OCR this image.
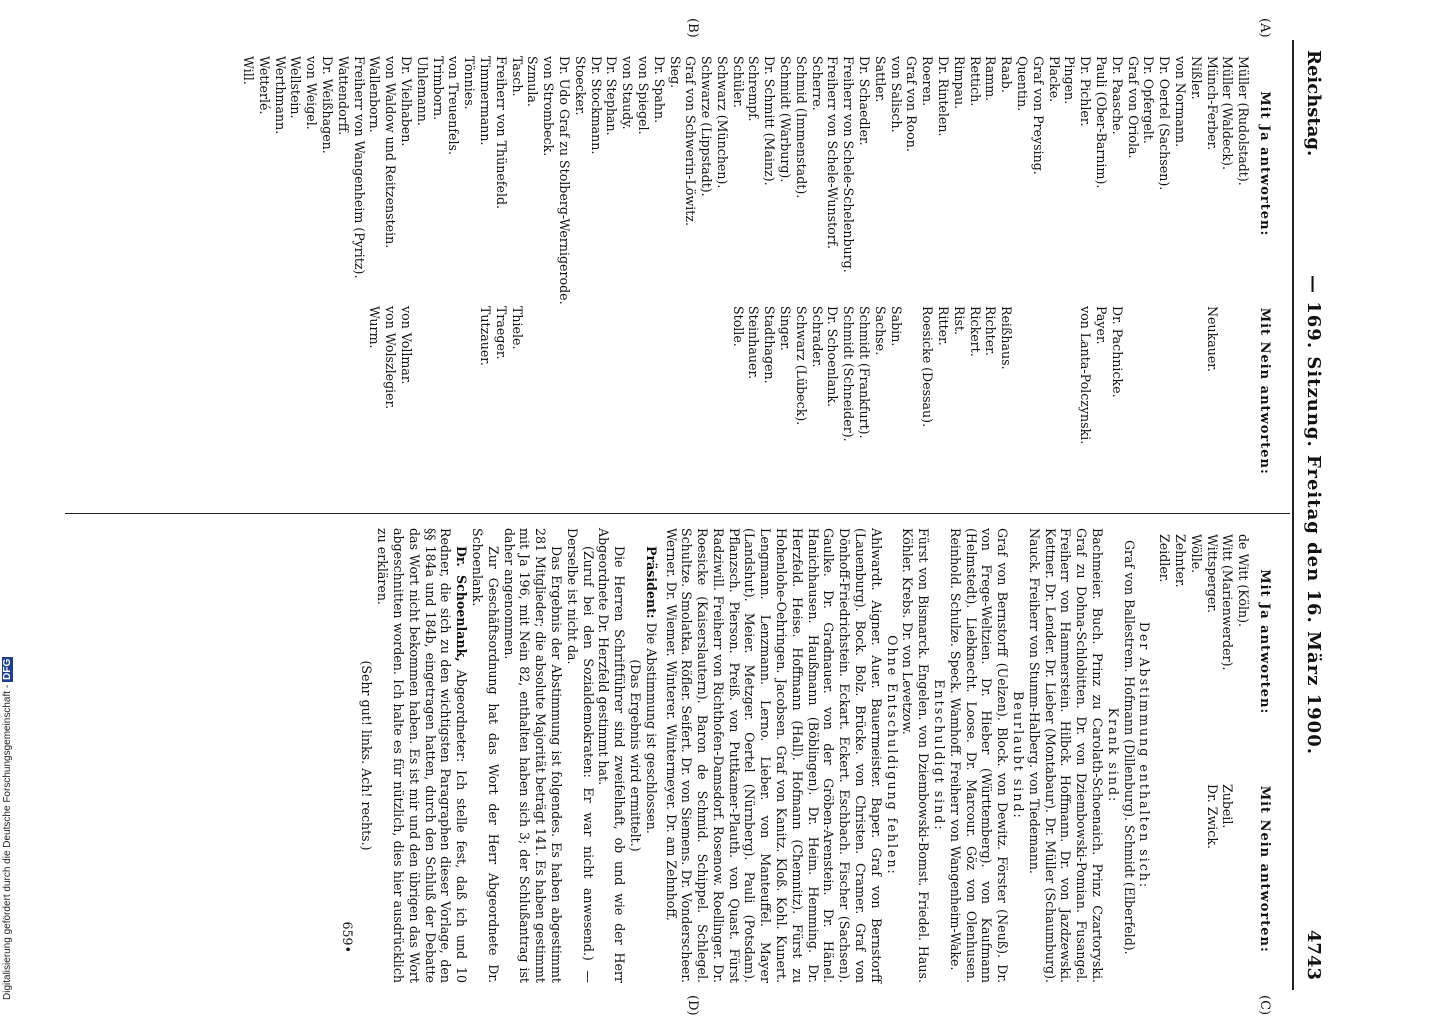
Reichstag.
— 169. Sitzung. Freitag den 16. März 1900.
4743
(A)
(B)
(C)
(D)
Mit Ja antworten:
Mit Nein antworten:
Müller (Rudolstadt).
Müller (Waldeck).
Münch-Ferber.
Neukauer.
Nißler.
von Normann.
Dr. Oertel (Sachsen).
Dr. Opfergelt.
Graf von Oriola.
Dr. Paasche.
Dr. Pachnicke.
Pauli (Ober-Barnim).
Payer.
Dr. Pichler.
von Lanta-Polczynski.
Pingen.
Placke.
Graf von Preysing.
Quentin.
Raab.
Reißhaus.
Ramm.
Richter.
Rettich.
Rickert.
Rimpau.
Rist.
Dr. Rintelen.
Ritter.
Roeren.
Roesicke (Dessau).
Graf von Roon.
von Salisch.
Sabin.
Sattler.
Sachse.
Dr. Schaedler.
Schmidt (Frankfurt).
Freiherr von Schele-Schelenburg.
Schmidt (Schneider).
Freiherr von Schele-Wunstorf.
Dr. Schoenlank.
Scherre.
Schrader.
Schmid (Immenstadt).
Schwarz (Lübeck).
Schmidt (Warburg).
Singer.
Dr. Schmitt (Mainz).
Stadthagen.
Schrempf.
Steinhauer.
Schüler.
Stolle.
Schwarz (München).
Schwarze (Lippstadt).
Graf von Schwerin-Löwitz.
Sieg.
Dr. Spahn.
von Spiegel.
von Staudy.
Dr. Stephan.
Dr. Stockmann.
Stoecker.
Dr. Udo Graf zu Stolberg-Wernigerode.
von Strombeck.
Szmula.
Tasch.
Thiele.
Freiherr von Thünefeld.
Traeger.
Timmermann.
Tutzauer.
Tönnies.
von Treuenfels.
Trimborn.
Uhlemann.
Dr. Vielhaben.
von Vollmar.
von Waldow und Reitzenstein.
von Wolszlegier.
Wallenborn.
Wurm.
Freiherr von Wangenheim (Pyritz).
Wattendorff.
Dr. Weißhagen.
von Weigel.
Wellstein.
Werthmann.
Wetterlé.
Will.
Mit Ja antworten:
Mit Nein antworten:
de Witt (Köln).
Witt (Marienwerder).
Zubeil.
Wittsperger.
Dr. Zwick.
Wölle.
Zehnter.
Zeidler.
Der Abstimmung enthalten sich:
Graf von Ballestrem. Hofmann (Dillenburg). Schmidt (Elberfeld).
Krank sind:
Bachmeier. Buch. Prinz zu Carolath-Schoenaich. Prinz Czartoryski. Graf zu Dohna-Schlobitten. Dr. von Dziembowski-Pomian. Fusangel. Freiherr von Hammerstein. Hilbck. Hoffmann. Dr. von Jazdzewski. Kettner. Dr. Lender. Dr. Lieber (Montabaur). Dr. Müller (Schaumburg). Nauck. Freiherr von Stumm-Halberg. von Tiedemann.
Beurlaubt sind:
Graf von Bernstorff (Uelzen). Block. von Dewitz. Förster (Neuß). Dr. von Frege-Weltzien. Dr. Hieber (Württemberg). von Kaufmann (Helmstedt). Liebknecht. Loose. Dr. Marcour. Göz von Olenhusen. Reinhold. Schulze. Speck. Wamhoff. Freiherr von Wangenheim-Wake.
Entschuldigt sind:
Fürst von Bismarck. Engelen. von Dziembowski-Bomst. Friedel. Haus. Köhler. Krebs. Dr. von Levetzow.
Ohne Entschuldigung fehlen:
Ahlwardt. Aigner. Auer. Bauermeister. Baper. Graf von Bernstorff (Lauenburg). Bock. Bolz. Brücke. von Christen. Cramer. Graf von Dönhoff-Friedrichstein. Eckart. Eckert. Eschbach. Fischer (Sachsen). Gaulke. Dr. Gradnauer. von der Gröben-Arenstein. Dr. Hänel. Hanichhausen. Haußmann (Böblingen). Dr. Heim. Hemming. Dr. Herzfeld. Heise. Hoffmann (Hall). Hofmann (Chemnitz). Fürst zu Hohenlohe-Oehringen. Jacobsen. Graf von Kanitz. Kloß. Kohl. Kunert. Lengmann. Lenzmann. Lerno. Lieber. von Manteuffel. Mayer (Landshut). Meier. Metzger. Oertel (Nürnberg). Pauli (Potsdam). Pflanzsch. Pierson. Preiß. von Puttkamer-Plauth. von Quast. Fürst Radziwill. Freiherr von Richthofen-Damsdorf. Rosenow. Roellinger. Dr. Roesicke (Kaiserslautern). Baron de Schmid. Schippel. Schlegel. Schultze. Smolatka. Röfler. Seifert. Dr. von Siemens. Dr. Vonderscheer. Werner. Dr. Wiemer. Winterer. Wintermeyer. Dr. am Zehnhoff.
Präsident: Die Abstimmung ist geschlossen.
(Das Ergebnis wird ermittelt.)
Die Herren Schriftführer sind zweifelhaft, ob und wie der Herr Abgeordnete Dr. Herzfeld gestimmt hat.
(Zuruf bei den Sozialdemokraten: Er war nicht anwesend.) — Derselbe ist nicht da.
Das Ergebnis der Abstimmung ist folgendes. Es haben abgestimmt 281 Mitglieder; die absolute Majorität beträgt 141. Es haben gestimmt mit Ja 196, mit Nein 82, enthalten haben sich 3; der Schlußantrag ist daher angenommen.
Zur Geschäftsordnung hat das Wort der Herr Abgeordnete Dr. Schoenlank.
Dr. Schoenlank, Abgeordneter: Ich stelle fest, daß ich und 10 Redner, die sich zu den wichtigsten Paragraphen dieser Vorlage, den §§ 184a und 184b, eingetragen hatten, durch den Schluß der Debatte das Wort nicht bekommen haben. Es ist mir und den übrigen das Wort abgeschnitten worden. Ich halte es für nützlich, dies hier ausdrücklich zu erklären.
(Sehr gut! links. Ach! rechts.)
659•
Digitalisierung gefördert durch die Deutsche Forschungsgemeinschaft -DFG
